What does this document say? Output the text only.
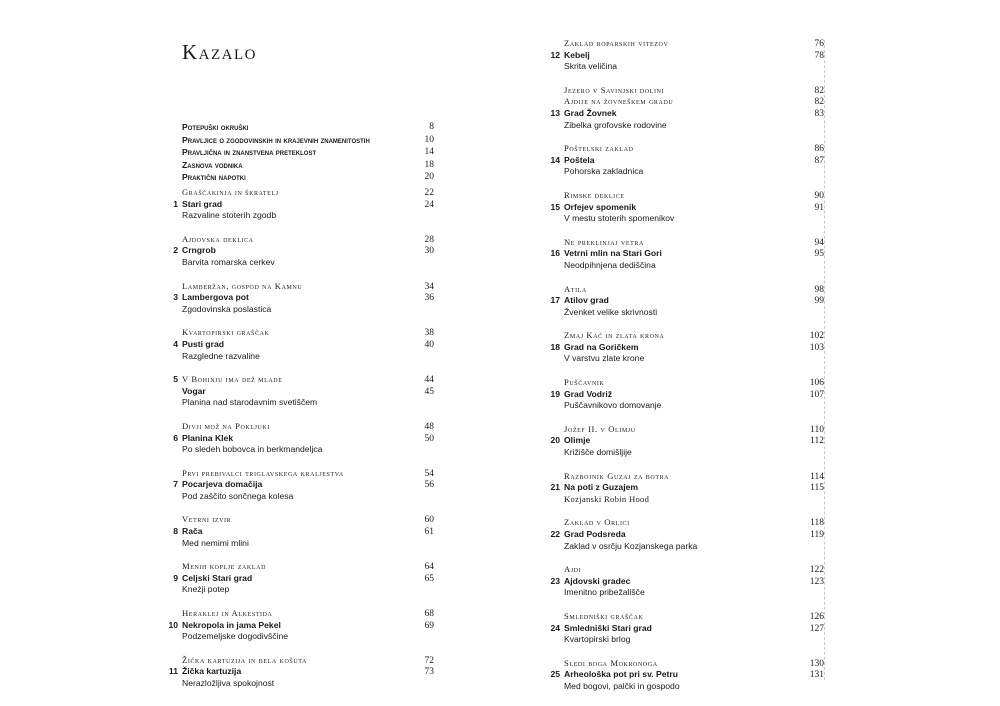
Kazalo
Potepuški okruški	8
Pravljice o zgodovinskih in krajevnih znamenitostih	10
Pravljična in znanstvena preteklost	14
Zasnova vodnika	18
Praktični napotki	20
Graščakinja in škratelj	22
1 Stari grad	24
Razvaline stoterih zgodb
Ajdovska deklica	28
2 Crngrob	30
Barvita romarska cerkev
Lamberžan, gospod na Kamnu	34
3 Lambergova pot	36
Zgodovinska poslastica
Kvartopirski graščak	38
4 Pusti grad	40
Razgledne razvaline
5 V Bohinju ima dež mlade	44
Vogar	45
Planina nad starodavnim svetiščem
Divji mož na Pokljuki	48
6 Planina Klek	50
Po sledeh bobovca in berkmandeljca
Prvi prebivalci triglavskega kraljestva	54
7 Pocarjeva domačija	56
Pod zaščito sončnega kolesa
Vetrni izvir	60
8 Rača	61
Med nemimi mlini
Menih koplje zaklad	64
9 Celjski Stari grad	65
Kneżji potep
Heraklej in Alkestida	68
10 Nekropola in jama Pekel	69
Podzemeljske dogodivščine
Žička kartuzija in bela košuta	72
11 Žička kartuzija	73
Nerazložljiva spokojnost
Zaklad roparskih vitezov	76
12 Kebelj	78
Skrita veličina
Jezero v Savinjski dolini	82
Ajdije na žovneškem gradu	82
13 Grad Žovnek	83
Zibelka grofovske rodovine
Poštelski zaklad	86
14 Poštela	87
Pohorska zakladnica
Rimske deklice	90
15 Orfejev spomenik	91
V mestu stoterih spomenikov
Ne preklinjaj vetra	94
16 Vetrni mlin na Stari Gori	95
Neodpihnjena dediščina
Atila	98
17 Atilov grad	99
Žvenket velike skrivnosti
Zmaj Kač in zlata krona	102
18 Grad na Goričkem	103
V varstvu zlate krone
Puščavnik	106
19 Grad Vodriž	107
Puščavnikovo domovanje
Jožef II. v Olimju	110
20 Olimje	112
Križišče domišljije
Razbojnik Guzaj za botra	114
21 Na poti z Guzajem	115
Kozjanski Robin Hood
Zaklad v Orlici	118
22 Grad Podsreda	119
Zaklad v osrčju Kozjanskega parka
Ajdi	122
23 Ajdovski gradec	123
Imenitno pribežališče
Smledniški graščak	126
24 Smledniški Stari grad	127
Kvartopirski brlog
Sledi boga Mokronoga	130
25 Arheološka pot pri sv. Petru	131
Med bogovi, palčki in gospodo
